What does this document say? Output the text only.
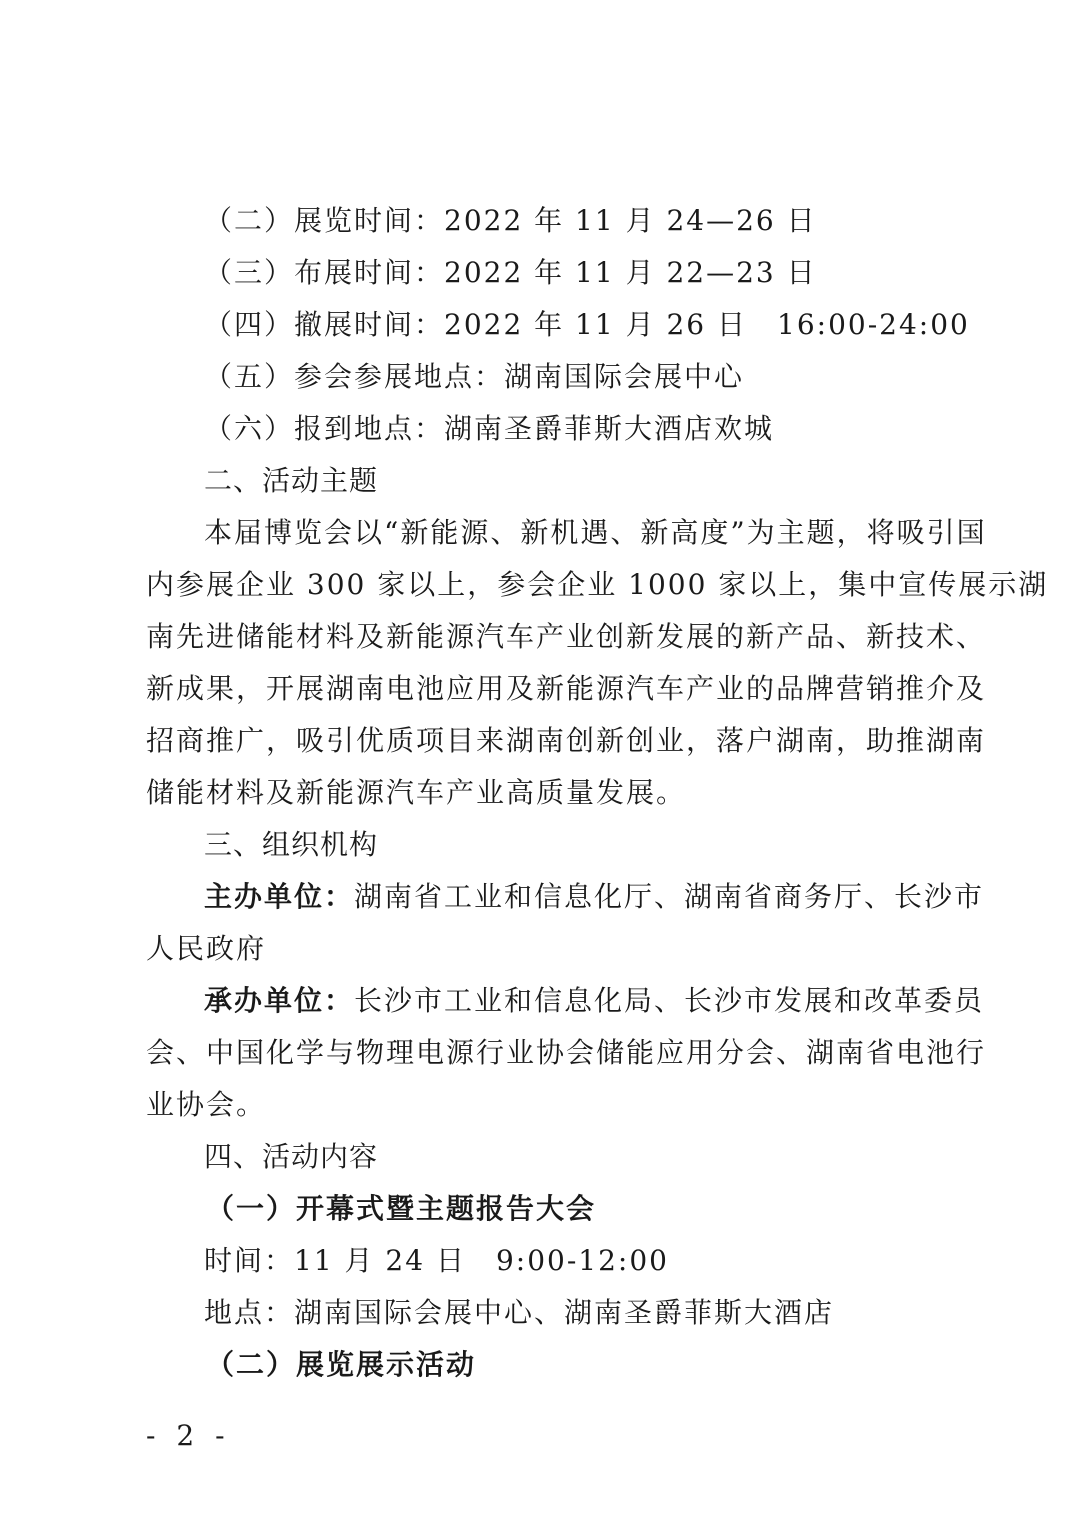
（二）展览时间：2022 年 11 月 24—26 日
（三）布展时间：2022 年 11 月 22—23 日
（四）撤展时间：2022 年 11 月 26 日　16:00-24:00
（五）参会参展地点：湖南国际会展中心
（六）报到地点：湖南圣爵菲斯大酒店欢城
二、活动主题
本届博览会以“新能源、新机遇、新高度”为主题，将吸引国
内参展企业 300 家以上，参会企业 1000 家以上，集中宣传展示湖
南先进储能材料及新能源汽车产业创新发展的新产品、新技术、
新成果，开展湖南电池应用及新能源汽车产业的品牌营销推介及
招商推广，吸引优质项目来湖南创新创业，落户湖南，助推湖南
储能材料及新能源汽车产业高质量发展。
三、组织机构
主办单位： 湖南省工业和信息化厅、湖南省商务厅、长沙市
人民政府
承办单位： 长沙市工业和信息化局、长沙市发展和改革委员
会、中国化学与物理电源行业协会储能应用分会、湖南省电池行
业协会。
四、活动内容
（一）开幕式暨主题报告大会
时间：11 月 24 日　9:00-12:00
地点：湖南国际会展中心、湖南圣爵菲斯大酒店
（二）展览展示活动
- 2 -
